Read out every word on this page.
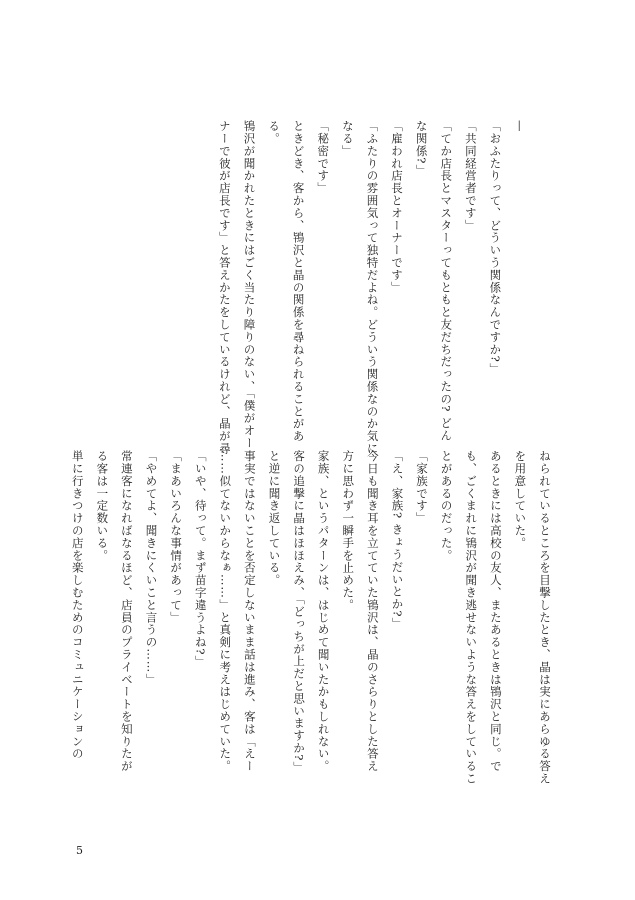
—
「おふたりって、どういう関係なんですか?」
「共同経営者です」
「てか店長とマスターってもともと友だちだったの? どん
な関係?」
「雇われ店長とオーナーです」
「ふたりの雰囲気って独特だよね。どういう関係なのか気に
なる」
「秘密です」
ときどき、客から、鴇沢と晶の関係を尋ねられることがあ
る。
鴇沢が聞かれたときにはごく当たり障りのない、「僕がオー
ナーで彼が店長です」と答えかたをしているけれど、晶が尋
ねられているところを目撃したとき、晶は実にあらゆる答え
を用意していた。
あるときには高校の友人、またあるときは鴇沢と同じ。で
も、ごくまれに鴇沢が聞き逃せないような答えをしているこ
とがあるのだった。
「家族です」
「え、家族? きょうだいとか?」
今日も聞き耳を立てていた鴇沢は、晶のさらりとした答え
方に思わず一瞬手を止めた。
家族、というパターンは、はじめて聞いたかもしれない。
客の追撃に晶はほほえみ、「どっちが上だと思いますか?」
と逆に聞き返している。
事実ではないことを否定しないまま話は進み、客は「えー
……似てないからなぁ……」と真剣に考えはじめていた。
「いや、待って。まず苗字違うよね?」
「まあいろんな事情があって」
「やめてよ、聞きにくいこと言うの……」
常連客になればなるほど、店員のプライベートを知りたが
る客は一定数いる。
単に行きつけの店を楽しむためのコミュニケーションの
5
